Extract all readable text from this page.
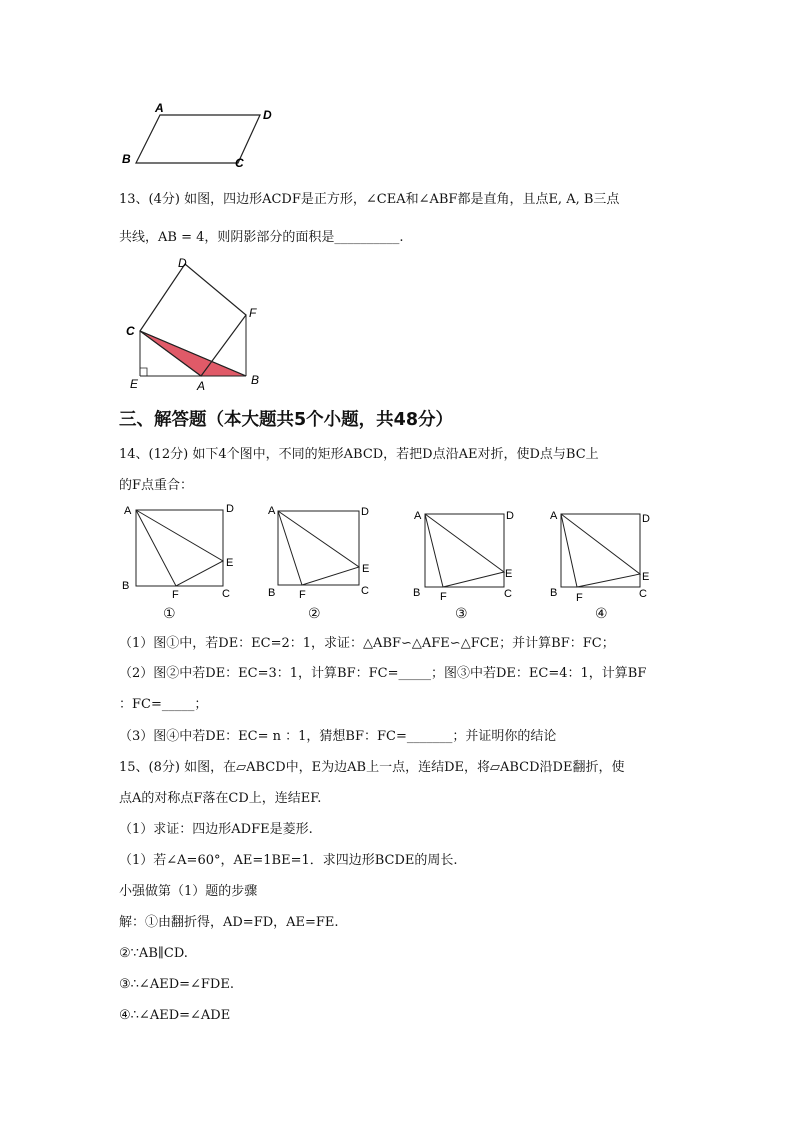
A	D
B	C
13、(4分) 如图，四边形ACDF是正方形，∠CEA和∠ABF都是直角，且点E, A, B三点
共线，AB = 4，则阴影部分的面积是__________.
D
C
F
E	A	B
三、解答题（本大题共5个小题，共48分）
14、(12分) 如下4个图中，不同的矩形ABCD，若把D点沿AE对折，使D点与BC上
的F点重合：
A	D
E
B
F	C
①
A	D
E
B F	C
②
A	D
E
B F	C
③
A	D
E
B F	C
④
（1）图①中，若DE：EC=2：1，求证：△ABF∽△AFE∽△FCE；并计算BF：FC；
（2）图②中若DE：EC=3：1，计算BF：FC=_____；图③中若DE：EC=4：1，计算BF
：FC=_____；
（3）图④中若DE：EC= n ：1，猜想BF：FC=_______；并证明你的结论
15、(8分) 如图，在▱ABCD中，E为边AB上一点，连结DE，将▱ABCD沿DE翻折，使
点A的对称点F落在CD上，连结EF.
（1）求证：四边形ADFE是菱形.
（1）若∠A=60°，AE=1BE=1．求四边形BCDE的周长.
小强做第（1）题的步骤
解：①由翻折得，AD=FD，AE=FE.
②∵AB∥CD.
③∴∠AED=∠FDE.
④∴∠AED=∠ADE
